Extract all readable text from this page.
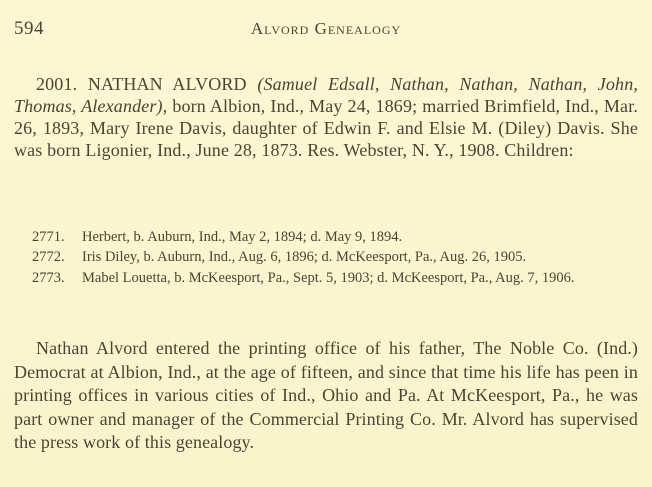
594	Alvord Genealogy

2001. NATHAN ALVORD (Samuel Edsall, Nathan, Nathan, Nathan, John, Thomas, Alexander), born Albion, Ind., May 24, 1869; married Brimfield, Ind., Mar. 26, 1893, Mary Irene Davis, daughter of Edwin F. and Elsie M. (Diley) Davis. She was born Ligonier, Ind., June 28, 1873. Res. Webster, N. Y., 1908. Children:

2771. Herbert, b. Auburn, Ind., May 2, 1894; d. May 9, 1894.
2772. Iris Diley, b. Auburn, Ind., Aug. 6, 1896; d. McKeesport, Pa., Aug. 26, 1905.
2773. Mabel Louetta, b. McKeesport, Pa., Sept. 5, 1903; d. McKeesport, Pa., Aug. 7, 1906.

Nathan Alvord entered the printing office of his father, The Noble Co. (Ind.) Democrat at Albion, Ind., at the age of fifteen, and since that time his life has peen in printing offices in various cities of Ind., Ohio and Pa. At McKeesport, Pa., he was part owner and manager of the Commercial Printing Co. Mr. Alvord has supervised the press work of this genealogy.
